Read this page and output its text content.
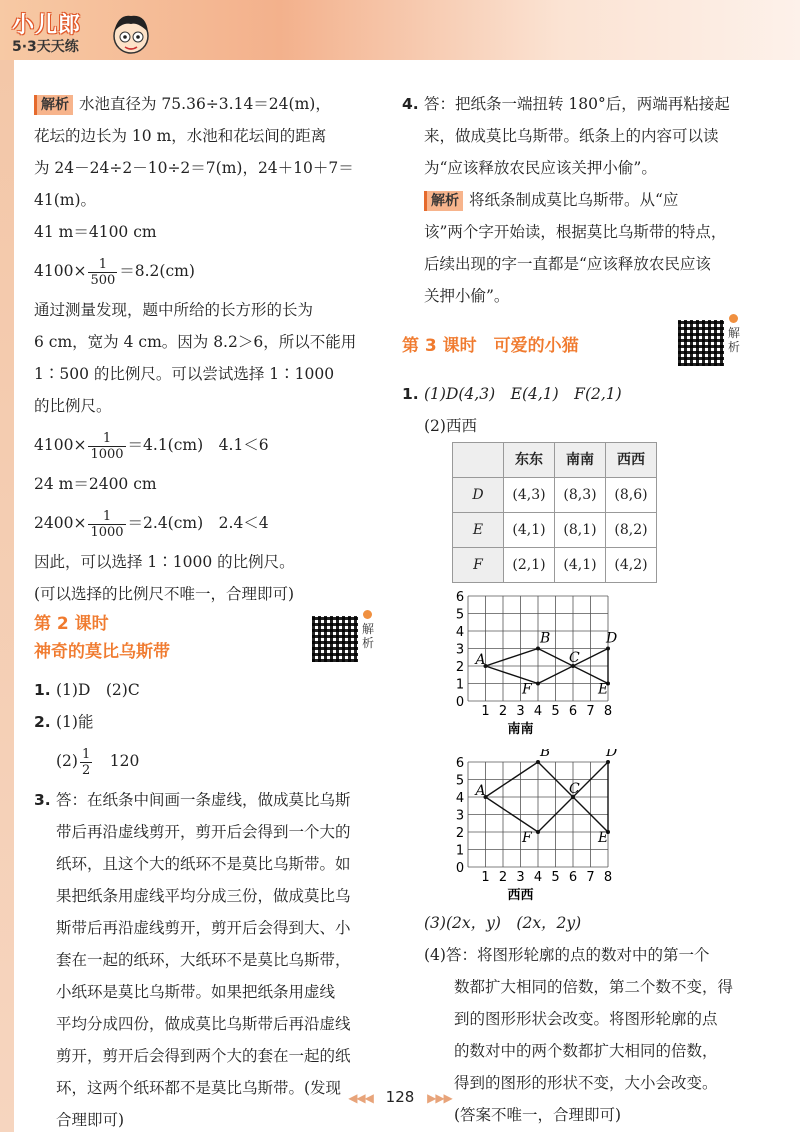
小儿郎
5·3天天练
解析 水池直径为 75.36÷3.14＝24(m)，
花坛的边长为 10 m，水池和花坛间的距离
为 24－24÷2－10÷2＝7(m)，24＋10＋7＝
41(m)。
41 m＝4100 cm
$4100\times \frac{1}{500} =8.2(cm)$
通过测量发现，题中所给的长方形的长为
6 cm，宽为 4 cm。因为 8.2＞6，所以不能用
1∶500 的比例尺。可以尝试选择 1∶1000
的比例尺。
$4100\times \frac{1}{1000} =4.1(cm)$　4.1＜6
24 m＝2400 cm
$2400\times \frac{1}{1000} =2.4(cm)$　2.4＜4
因此，可以选择 1∶1000 的比例尺。
(可以选择的比例尺不唯一，合理即可)
第 2 课时
神奇的莫比乌斯带
解析
1. (1)D　(2)C
2. (1)能
$(2) \frac{1}{2}$ 　120
3. 答：在纸条中间画一条虚线，做成莫比乌斯
带后再沿虚线剪开，剪开后会得到一个大的
纸环，且这个大的纸环不是莫比乌斯带。如
果把纸条用虚线平均分成三份，做成莫比乌
斯带后再沿虚线剪开，剪开后会得到大、小
套在一起的纸环，大纸环不是莫比乌斯带，
小纸环是莫比乌斯带。如果把纸条用虚线
平均分成四份，做成莫比乌斯带后再沿虚线
剪开，剪开后会得到两个大的套在一起的纸
环，这两个纸环都不是莫比乌斯带。(发现
合理即可)
4. 答：把纸条一端扭转 180°后，两端再粘接起
来，做成莫比乌斯带。纸条上的内容可以读
为“应该释放农民应该关押小偷”。
解析 将纸条制成莫比乌斯带。从“应
该”两个字开始读，根据莫比乌斯带的特点，
后续出现的字一直都是“应该释放农民应该
关押小偷”。
第 3 课时　可爱的小猫
解析
1. (1)D(4,3)　E(4,1)　F(2,1)
(2)西西
	东东	南南	西西
D	(4,3)	(8,3)	(8,6)
E	(4,1)	(8,1)	(8,2)
F	(2,1)	(4,1)	(4,2)
1 2 3 4 5 6 7 8
0
1
2
3
4
5
6
A
B
C
D
E
F
南南
1 2 3 4 5 6 7 8
0
1
2
3
4
5
6
A
B
C
D
E
F
西西
(3)(2x，y)　(2x，2y)
(4)答：将图形轮廓的点的数对中的第一个
数都扩大相同的倍数，第二个数不变，得
到的图形形状会改变。将图形轮廓的点
的数对中的两个数都扩大相同的倍数，
得到的图形的形状不变，大小会改变。
(答案不唯一，合理即可)
◀◀◀ 128 ▶▶▶
